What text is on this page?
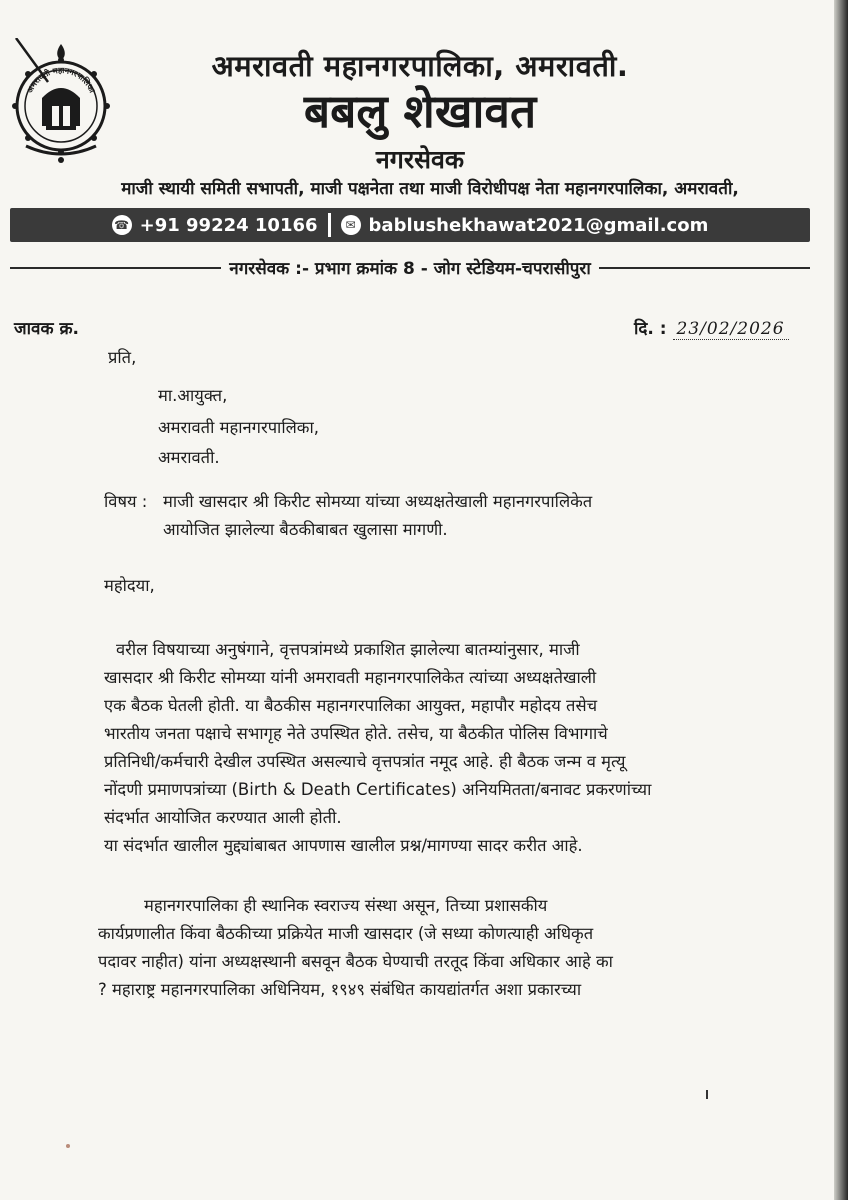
अमरावती महानगरपालिका
अमरावती महानगरपालिका, अमरावती.
बबलु शेखावत
नगरसेवक
माजी स्थायी समिती सभापती, माजी पक्षनेता तथा माजी विरोधीपक्ष नेता महानगरपालिका, अमरावती,
☎ +91 99224 10166	✉ bablushekhawat2021@gmail.com
नगरसेवक :- प्रभाग क्रमांक 8 - जोग स्टेडियम-चपरासीपुरा
जावक क्र.	दि. : 23/02/2026
प्रति,
मा.आयुक्त,
अमरावती महानगरपालिका,
अमरावती.
विषय : माजी खासदार श्री किरीट सोमय्या यांच्या अध्यक्षतेखाली महानगरपालिकेत
आयोजित झालेल्या बैठकीबाबत खुलासा मागणी.
महोदया,
वरील विषयाच्या अनुषंगाने, वृत्तपत्रांमध्ये प्रकाशित झालेल्या बातम्यांनुसार, माजी
खासदार श्री किरीट सोमय्या यांनी अमरावती महानगरपालिकेत त्यांच्या अध्यक्षतेखाली
एक बैठक घेतली होती. या बैठकीस महानगरपालिका आयुक्त, महापौर महोदय तसेच
भारतीय जनता पक्षाचे सभागृह नेते उपस्थित होते. तसेच, या बैठकीत पोलिस विभागाचे
प्रतिनिधी/कर्मचारी देखील उपस्थित असल्याचे वृत्तपत्रांत नमूद आहे. ही बैठक जन्म व मृत्यू
नोंदणी प्रमाणपत्रांच्या (Birth & Death Certificates) अनियमितता/बनावट प्रकरणांच्या
संदर्भात आयोजित करण्यात आली होती.
या संदर्भात खालील मुद्द्यांबाबत आपणास खालील प्रश्न/मागण्या सादर करीत आहे.
महानगरपालिका ही स्थानिक स्वराज्य संस्था असून, तिच्या प्रशासकीय
कार्यप्रणालीत किंवा बैठकीच्या प्रक्रियेत माजी खासदार (जे सध्या कोणत्याही अधिकृत
पदावर नाहीत) यांना अध्यक्षस्थानी बसवून बैठक घेण्याची तरतूद किंवा अधिकार आहे का
? महाराष्ट्र महानगरपालिका अधिनियम, १९४९ संबंधित कायद्यांतर्गत अशा प्रकारच्या
